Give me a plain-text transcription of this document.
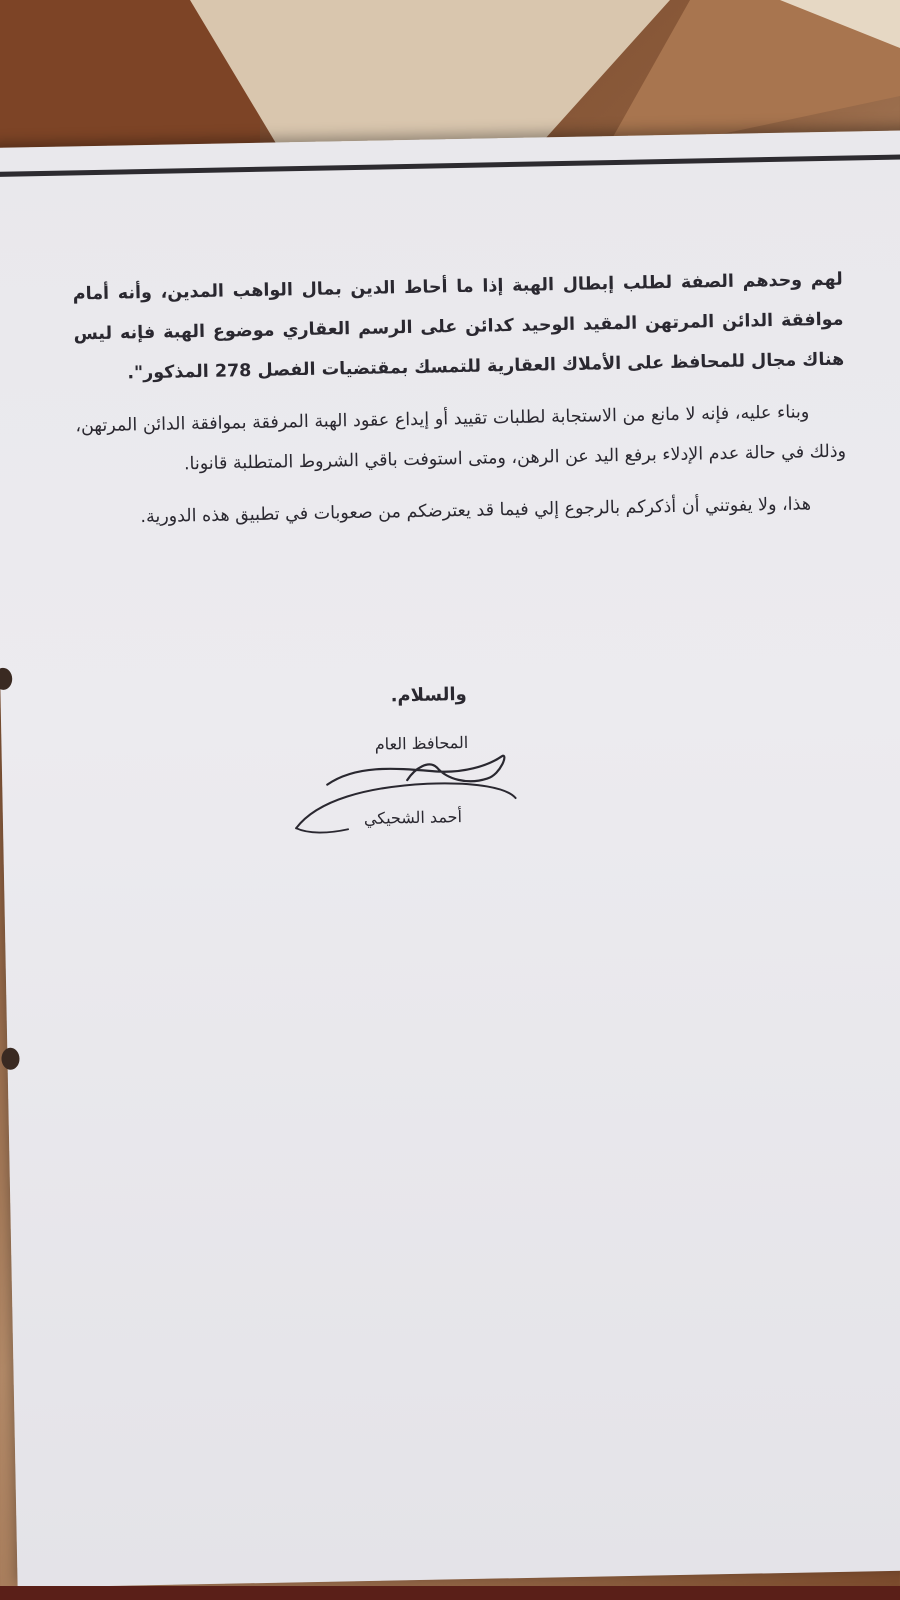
لهم وحدهم الصفة لطلب إبطال الهبة إذا ما أحاط الدين بمال الواهب المدين، وأنه أمام موافقة الدائن المرتهن المقيد الوحيد كدائن على الرسم العقاري موضوع الهبة فإنه ليس هناك مجال للمحافظ على الأملاك العقارية للتمسك بمقتضيات الفصل 278 المذكور".

وبناء عليه، فإنه لا مانع من الاستجابة لطلبات تقييد أو إيداع عقود الهبة المرفقة بموافقة الدائن المرتهن، وذلك في حالة عدم الإدلاء برفع اليد عن الرهن، ومتى استوفت باقي الشروط المتطلبة قانونا.

هذا، ولا يفوتني أن أذكركم بالرجوع إلي فيما قد يعترضكم من صعوبات في تطبيق هذه الدورية.

والسلام.
المحافظ العام
أحمد الشحيكي
